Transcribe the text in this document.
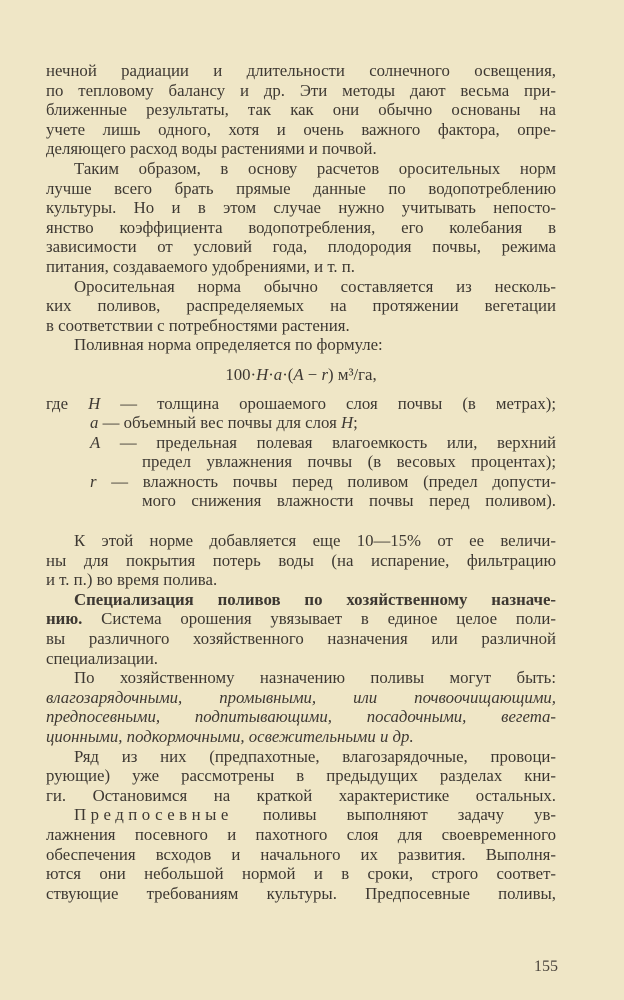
нечной радиации и длительности солнечного освещения,
по тепловому балансу и др. Эти методы дают весьма при-
ближенные результаты, так как они обычно основаны на
учете лишь одного, хотя и очень важного фактора, опре-
деляющего расход воды растениями и почвой.
Таким образом, в основу расчетов оросительных норм
лучше всего брать прямые данные по водопотреблению
культуры. Но и в этом случае нужно учитывать непосто-
янство коэффициента водопотребления, его колебания в
зависимости от условий года, плодородия почвы, режима
питания, создаваемого удобрениями, и т. п.
Оросительная норма обычно составляется из несколь-
ких поливов, распределяемых на протяжении вегетации
в соответствии с потребностями растения.
Поливная норма определяется по формуле:
100·H·a·(A − r) м³/га,
где H — толщина орошаемого слоя почвы (в метрах);
a — объемный вес почвы для слоя H;
A — предельная полевая влагоемкость или, верхний
предел увлажнения почвы (в весовых процентах);
r — влажность почвы перед поливом (предел допусти-
мого снижения влажности почвы перед поливом).
К этой норме добавляется еще 10—15% от ее величи-
ны для покрытия потерь воды (на испарение, фильтрацию
и т. п.) во время полива.
Специализация поливов по хозяйственному назначе-
нию. Система орошения увязывает в единое целое поли-
вы различного хозяйственного назначения или различной
специализации.
По хозяйственному назначению поливы могут быть:
влагозарядочными, промывными, или почвоочищающими,
предпосевными, подпитывающими, посадочными, вегета-
ционными, подкормочными, освежительными и др.
Ряд из них (предпахотные, влагозарядочные, провоци-
рующие) уже рассмотрены в предыдущих разделах кни-
ги. Остановимся на краткой характеристике остальных.
Предпосевные поливы выполняют задачу ув-
лажнения посевного и пахотного слоя для своевременного
обеспечения всходов и начального их развития. Выполня-
ются они небольшой нормой и в сроки, строго соответ-
ствующие требованиям культуры. Предпосевные поливы,
155
